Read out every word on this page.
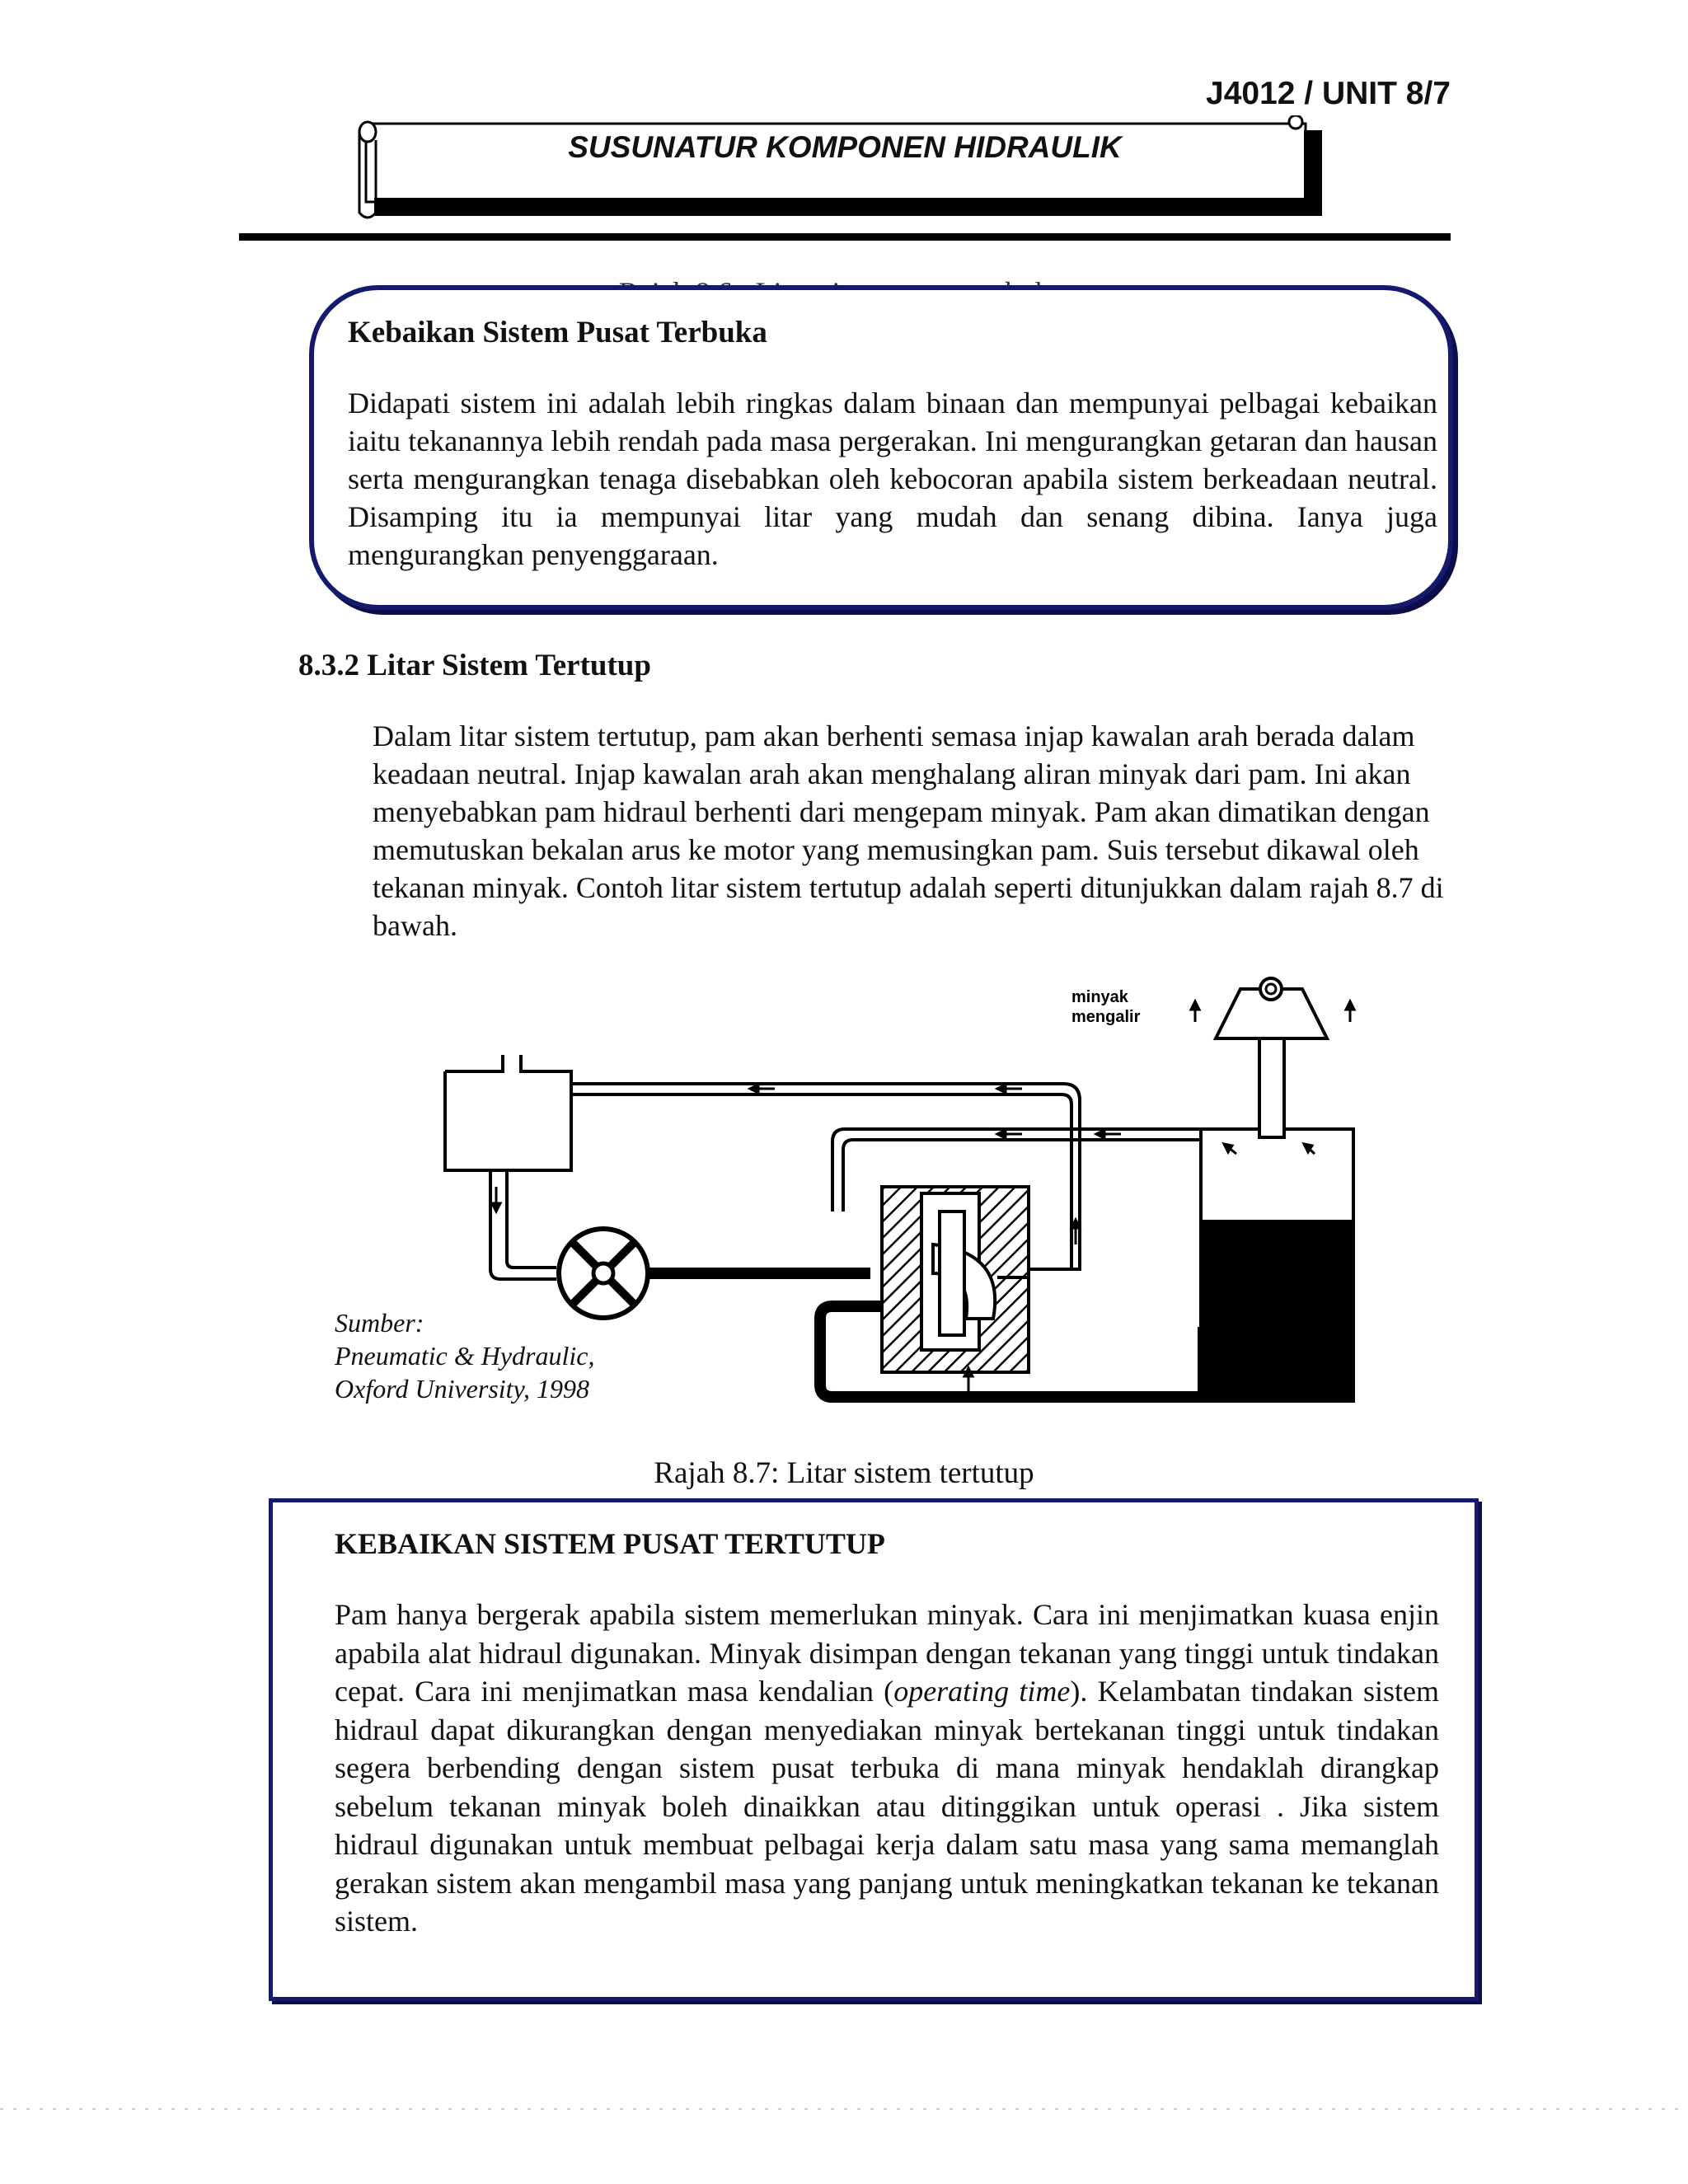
J4012 / UNIT 8/7
SUSUNATUR KOMPONEN HIDRAULIK
Kebaikan Sistem Pusat Terbuka
Didapati sistem ini adalah lebih ringkas dalam binaan dan mempunyai pelbagai kebaikan iaitu tekanannya lebih rendah pada masa pergerakan. Ini mengurangkan getaran dan hausan serta mengurangkan tenaga disebabkan oleh kebocoran apabila sistem berkeadaan neutral. Disamping itu ia mempunyai litar yang mudah dan senang dibina. Ianya juga mengurangkan penyenggaraan.
8.3.2 Litar Sistem Tertutup
Dalam litar sistem tertutup, pam akan berhenti semasa injap kawalan arah berada dalam keadaan neutral. Injap kawalan arah akan menghalang aliran minyak dari pam. Ini akan menyebabkan pam hidraul berhenti dari mengepam minyak. Pam akan dimatikan dengan memutuskan bekalan arus ke motor yang memusingkan pam. Suis tersebut dikawal oleh tekanan minyak. Contoh litar sistem tertutup adalah seperti ditunjukkan dalam rajah 8.7 di bawah.
minyak
mengalir
Sumber:
Pneumatic & Hydraulic,
Oxford University, 1998
Rajah 8.7: Litar sistem tertutup
KEBAIKAN SISTEM PUSAT TERTUTUP
Pam hanya bergerak apabila sistem memerlukan minyak. Cara ini menjimatkan kuasa enjin apabila alat hidraul digunakan. Minyak disimpan dengan tekanan yang tinggi untuk tindakan cepat. Cara ini menjimatkan masa kendalian (operating time). Kelambatan tindakan sistem hidraul dapat dikurangkan dengan menyediakan minyak bertekanan tinggi untuk tindakan segera berbending dengan sistem pusat terbuka di mana minyak hendaklah dirangkap sebelum tekanan minyak boleh dinaikkan atau ditinggikan untuk operasi . Jika sistem hidraul digunakan untuk membuat pelbagai kerja dalam satu masa yang sama memanglah gerakan sistem akan mengambil masa yang panjang untuk meningkatkan tekanan ke tekanan sistem.
